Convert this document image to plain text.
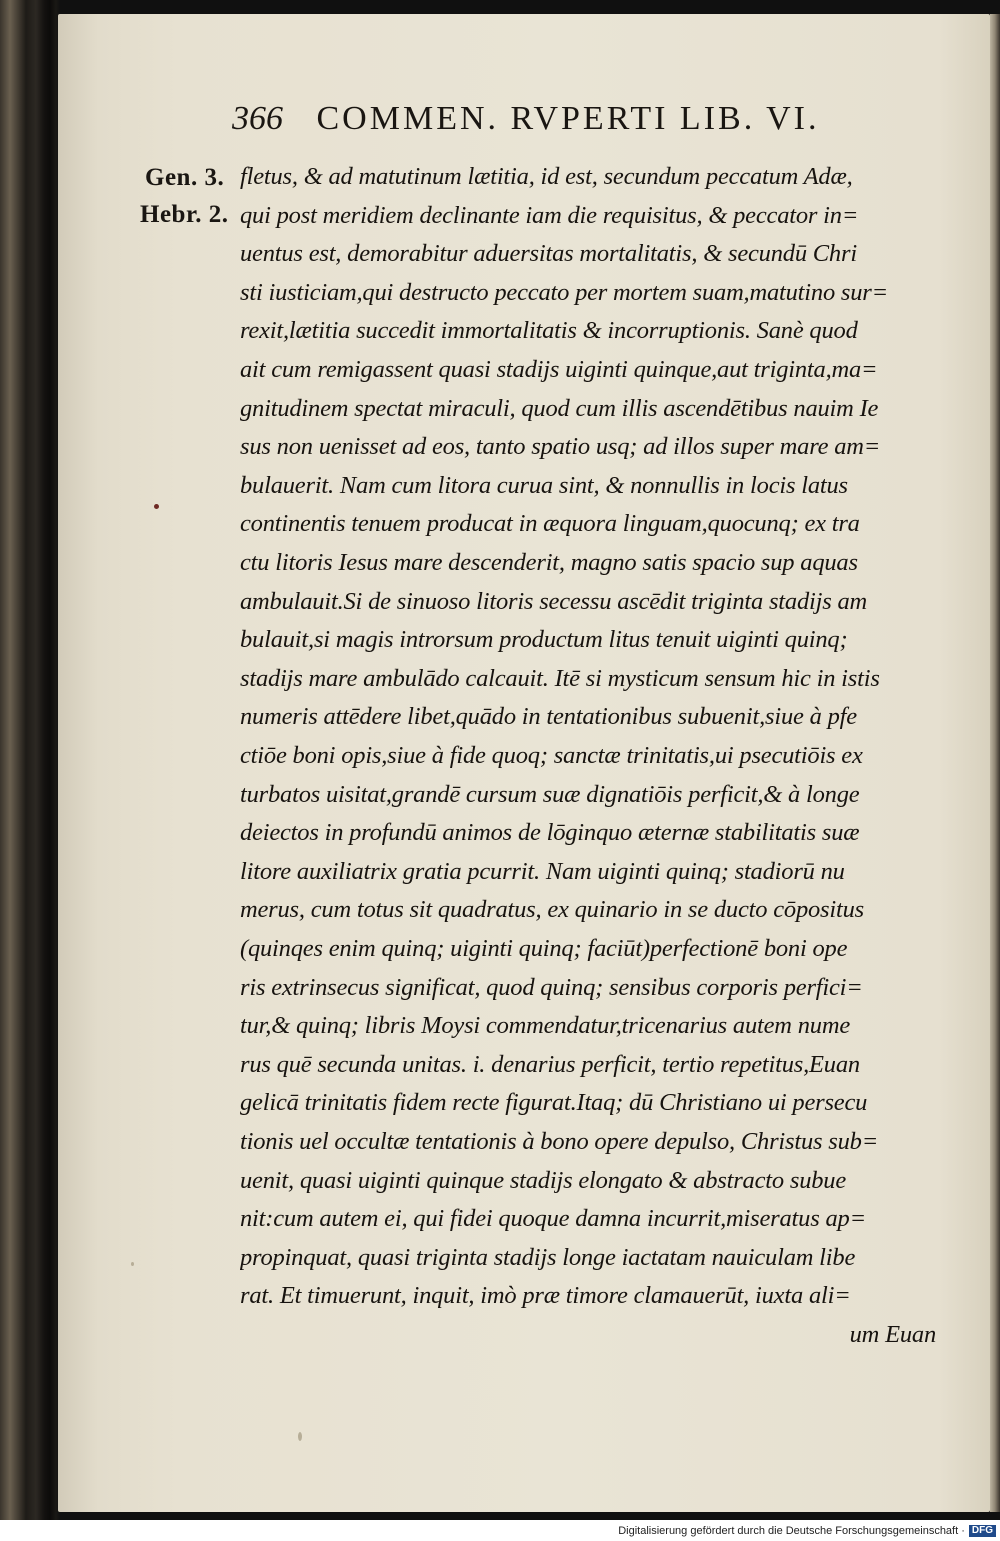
366 COMMEN. RVPERTI LIB. VI.
Gen. 3.
Hebr. 2.
fletus, & ad matutinum lætitia, id est, secundum peccatum Adæ,
qui post meridiem declinante iam die requisitus, & peccator in=
uentus est, demorabitur aduersitas mortalitatis, & secundū Chri
sti iusticiam,qui destructo peccato per mortem suam,matutino sur=
rexit,lætitia succedit immortalitatis & incorruptionis. Sanè quod
ait cum remigassent quasi stadijs uiginti quinque,aut triginta,ma=
gnitudinem spectat miraculi, quod cum illis ascendētibus nauim Ie
sus non uenisset ad eos, tanto spatio usq; ad illos super mare am=
bulauerit. Nam cum litora curua sint, & nonnullis in locis latus
continentis tenuem producat in æquora linguam,quocunq; ex tra
ctu litoris Iesus mare descenderit, magno satis spacio sup aquas
ambulauit.Si de sinuoso litoris secessu ascēdit triginta stadijs am
bulauit,si magis introrsum productum litus tenuit uiginti quinq;
stadijs mare ambulādo calcauit. Itē si mysticum sensum hic in istis
numeris attēdere libet,quādo in tentationibus subuenit,siue à pfe
ctiōe boni opis,siue à fide quoq; sanctæ trinitatis,ui psecutiōis ex
turbatos uisitat,grandē cursum suæ dignatiōis perficit,& à longe
deiectos in profundū animos de lōginquo æternæ stabilitatis suæ
litore auxiliatrix gratia pcurrit. Nam uiginti quinq; stadiorū nu
merus, cum totus sit quadratus, ex quinario in se ducto cōpositus
(quinqes enim quinq; uiginti quinq; faciūt)perfectionē boni ope
ris extrinsecus significat, quod quinq; sensibus corporis perfici=
tur,& quinq; libris Moysi commendatur,tricenarius autem nume
rus quē secunda unitas. i. denarius perficit, tertio repetitus,Euan
gelicā trinitatis fidem recte figurat.Itaq; dū Christiano ui persecu
tionis uel occultæ tentationis à bono opere depulso, Christus sub=
uenit, quasi uiginti quinque stadijs elongato & abstracto subue
nit:cum autem ei, qui fidei quoque damna incurrit,miseratus ap=
propinquat, quasi triginta stadijs longe iactatam nauiculam libe
rat. Et timuerunt, inquit, imò præ timore clamauerūt, iuxta ali=
um Euan
Digitalisierung gefördert durch die Deutsche Forschungsgemeinschaft · DFG
